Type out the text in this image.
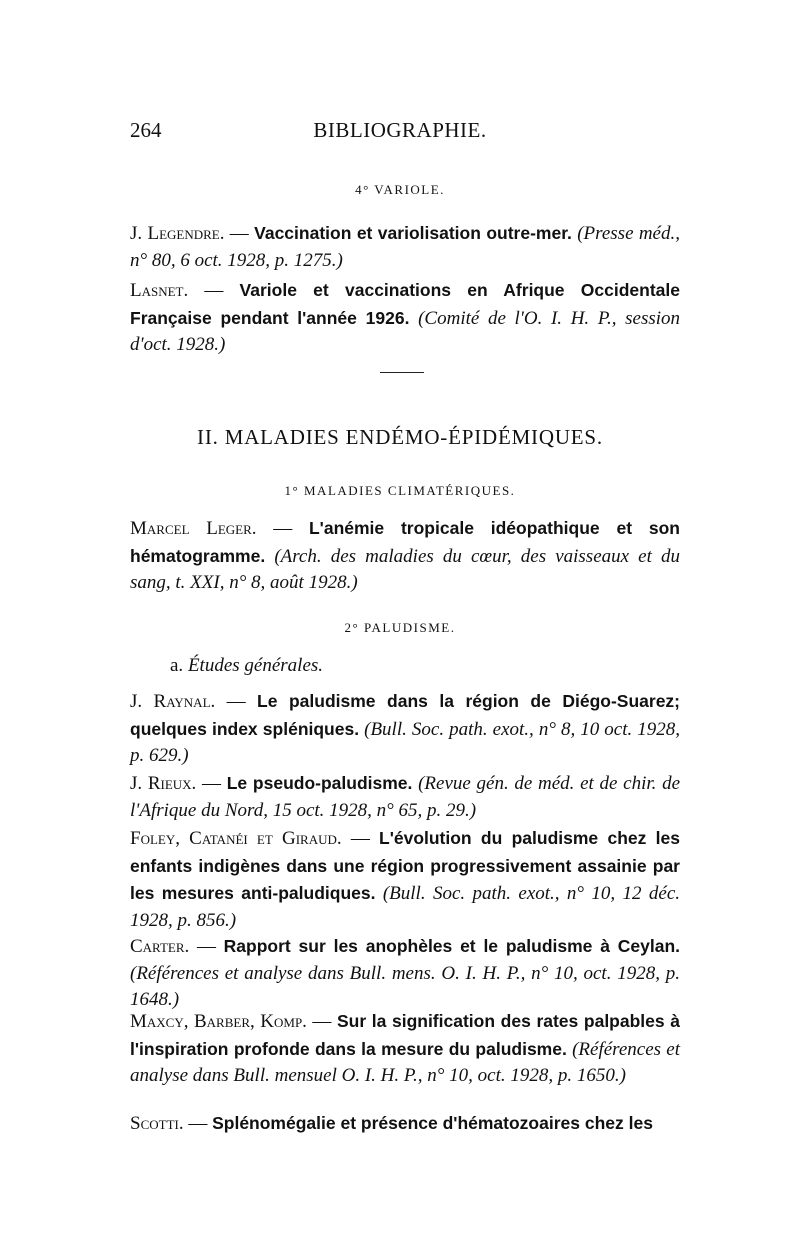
264	BIBLIOGRAPHIE.
4° VARIOLE.
J. Legendre. — Vaccination et variolisation outre-mer. (Presse méd., n° 80, 6 oct. 1928, p. 1275.)
Lasnet. — Variole et vaccinations en Afrique Occidentale Française pendant l'année 1926. (Comité de l'O. I. H. P., session d'oct. 1928.)
II. MALADIES ENDÉMO-ÉPIDÉMIQUES.
1° MALADIES CLIMATÉRIQUES.
Marcel Leger. — L'anémie tropicale idéopathique et son hématogramme. (Arch. des maladies du cœur, des vaisseaux et du sang, t. XXI, n° 8, août 1928.)
2° PALUDISME.
a. Études générales.
J. Raynal. — Le paludisme dans la région de Diégo-Suarez; quelques index spléniques. (Bull. Soc. path. exot., n° 8, 10 oct. 1928, p. 629.)
J. Rieux. — Le pseudo-paludisme. (Revue gén. de méd. et de chir. de l'Afrique du Nord, 15 oct. 1928, n° 65, p. 29.)
Foley, Catanéi et Giraud. — L'évolution du paludisme chez les enfants indigènes dans une région progressivement assainie par les mesures anti-paludiques. (Bull. Soc. path. exot., n° 10, 12 déc. 1928, p. 856.)
Carter. — Rapport sur les anophèles et le paludisme à Ceylan. (Références et analyse dans Bull. mens. O. I. H. P., n° 10, oct. 1928, p. 1648.)
Maxcy, Barber, Komp. — Sur la signification des rates palpables à l'inspiration profonde dans la mesure du paludisme. (Références et analyse dans Bull. mensuel O. I. H. P., n° 10, oct. 1928, p. 1650.)
Scotti. — Splénomégalie et présence d'hématozoaires chez les
